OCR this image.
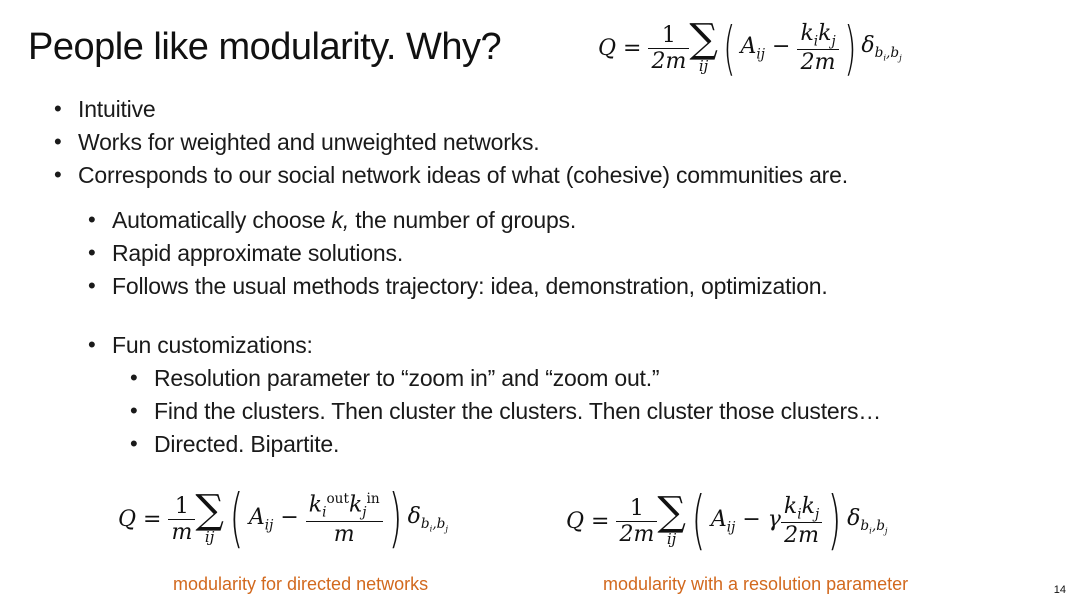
People like modularity. Why?	$Q = \frac{1}{2m}$ ∑
ij ( $A_{ij} - \frac{k_ik_j}{2m}$ ) $\delta_{b_i,b_j}$
• Intuitive
• Works for weighted and unweighted networks.
• Corresponds to our social network ideas of what (cohesive) communities are.
• Automatically choose k, the number of groups.
• Rapid approximate solutions.
• Follows the usual methods trajectory: idea, demonstration, optimization.
• Fun customizations:
• Resolution parameter to “zoom in” and “zoom out.”
• Find the clusters. Then cluster the clusters. Then cluster those clusters…
• Directed. Bipartite.
$Q = \frac{1}{m}$ ∑
ij ( $A_{ij} - \frac{k_i^{out}k_j^{in}}{m}$ ) $\delta_{b_i,b_j}$	$Q = \frac{1}{2m}$ ∑
ij ( $A_{ij} - \gamma \frac{k_ik_j}{2m}$ ) $\delta_{b_i,b_j}$
modularity for directed networks	modularity with a resolution parameter	14
